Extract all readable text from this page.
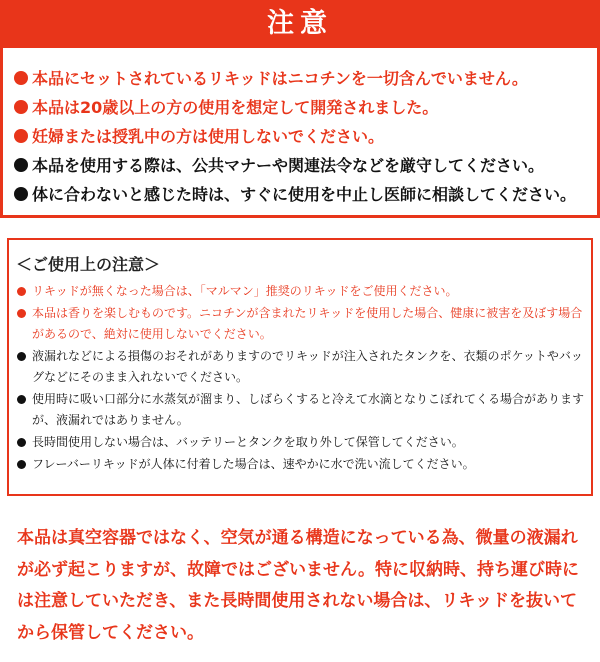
注意
本品にセットされているリキッドはニコチンを一切含んでいません。
本品は20歳以上の方の使用を想定して開発されました。
妊婦または授乳中の方は使用しないでください。
本品を使用する際は、公共マナーや関連法令などを厳守してください。
体に合わないと感じた時は、すぐに使用を中止し医師に相談してください。
＜ご使用上の注意＞
リキッドが無くなった場合は、「マルマン」推奨のリキッドをご使用ください。
本品は香りを楽しむものです。ニコチンが含まれたリキッドを使用した場合、健康に被害を及ぼす場合があるので、絶対に使用しないでください。
液漏れなどによる損傷のおそれがありますのでリキッドが注入されたタンクを、衣類のポケットやバッグなどにそのまま入れないでください。
使用時に吸い口部分に水蒸気が溜まり、しばらくすると冷えて水滴となりこぼれてくる場合がありますが、液漏れではありません。
長時間使用しない場合は、バッテリーとタンクを取り外して保管してください。
フレーバーリキッドが人体に付着した場合は、速やかに水で洗い流してください。

本品は真空容器ではなく、空気が通る構造になっている為、微量の液漏れが必ず起こりますが、故障ではございません。特に収納時、持ち運び時には注意していただき、また長時間使用されない場合は、リキッドを抜いてから保管してください。
